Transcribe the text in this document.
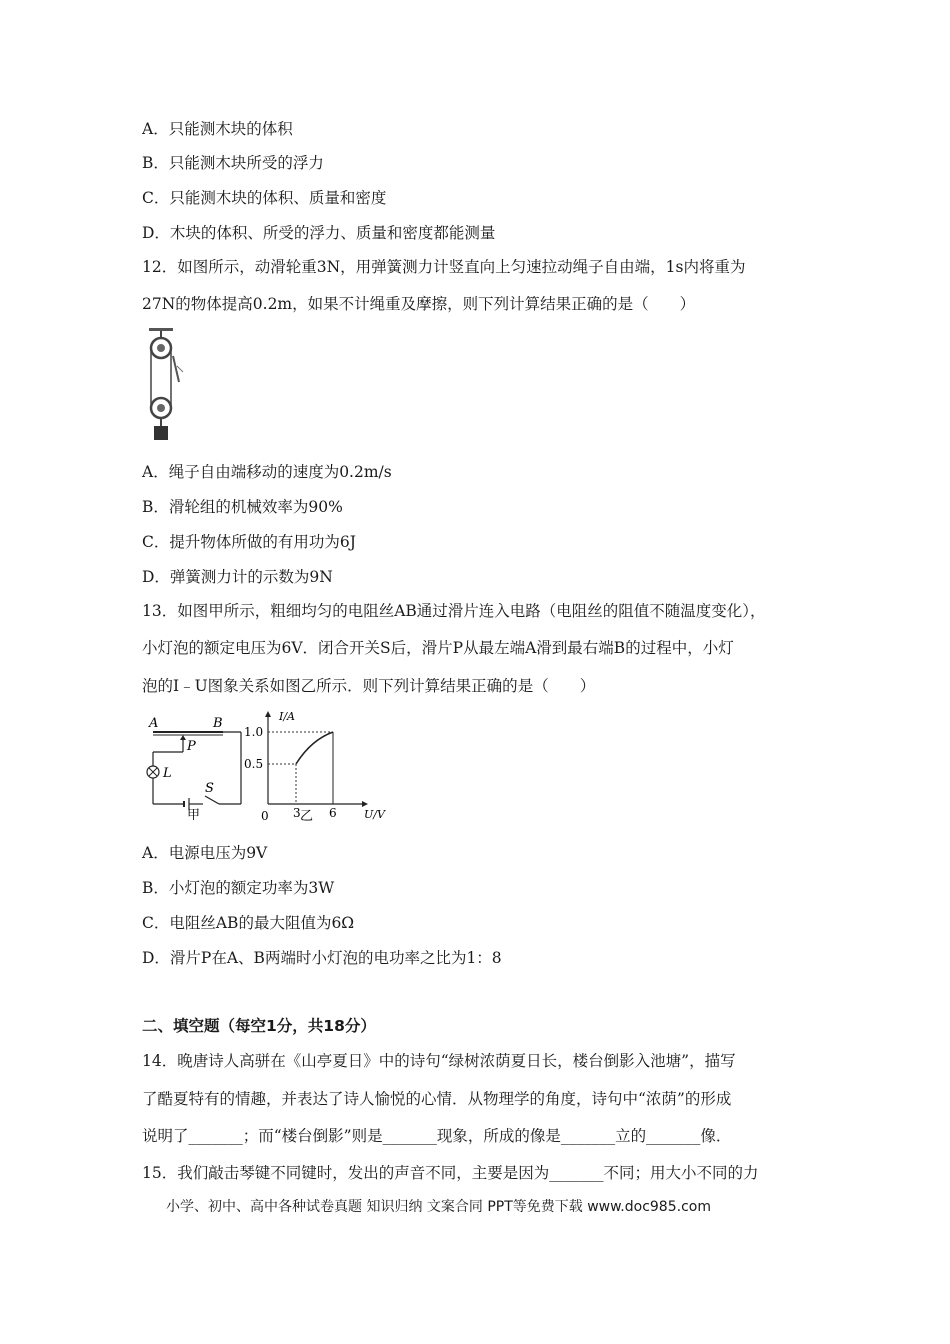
A．只能测木块的体积
B．只能测木块所受的浮力
C．只能测木块的体积、质量和密度
D．木块的体积、所受的浮力、质量和密度都能测量
12．如图所示，动滑轮重3N，用弹簧测力计竖直向上匀速拉动绳子自由端，1s内将重为
27N的物体提高0.2m，如果不计绳重及摩擦，则下列计算结果正确的是（　　）
A．绳子自由端移动的速度为0.2m/s
B．滑轮组的机械效率为90%
C．提升物体所做的有用功为6J
D．弹簧测力计的示数为9N
13．如图甲所示，粗细均匀的电阻丝AB通过滑片连入电路（电阻丝的阻值不随温度变化），
小灯泡的额定电压为6V．闭合开关S后，滑片P从最左端A滑到最右端B的过程中，小灯
泡的I﹣U图象关系如图乙所示．则下列计算结果正确的是（　　）
A	B
P
L
S
甲
I/A
U/V
1.0
0.5
0 3 6
乙
A．电源电压为9V
B．小灯泡的额定功率为3W
C．电阻丝AB的最大阻值为6Ω
D．滑片P在A、B两端时小灯泡的电功率之比为1：8
二、填空题（每空1分，共18分）
14．晚唐诗人高骈在《山亭夏日》中的诗句“绿树浓荫夏日长，楼台倒影入池塘”，描写
了酷夏特有的情趣，并表达了诗人愉悦的心情．从物理学的角度，诗句中“浓荫”的形成
说明了_______；而“楼台倒影”则是_______现象，所成的像是_______立的_______像．
15．我们敲击琴键不同键时，发出的声音不同，主要是因为_______不同；用大小不同的力
小学、初中、高中各种试卷真题 知识归纳 文案合同 PPT等免费下载 www.doc985.com
